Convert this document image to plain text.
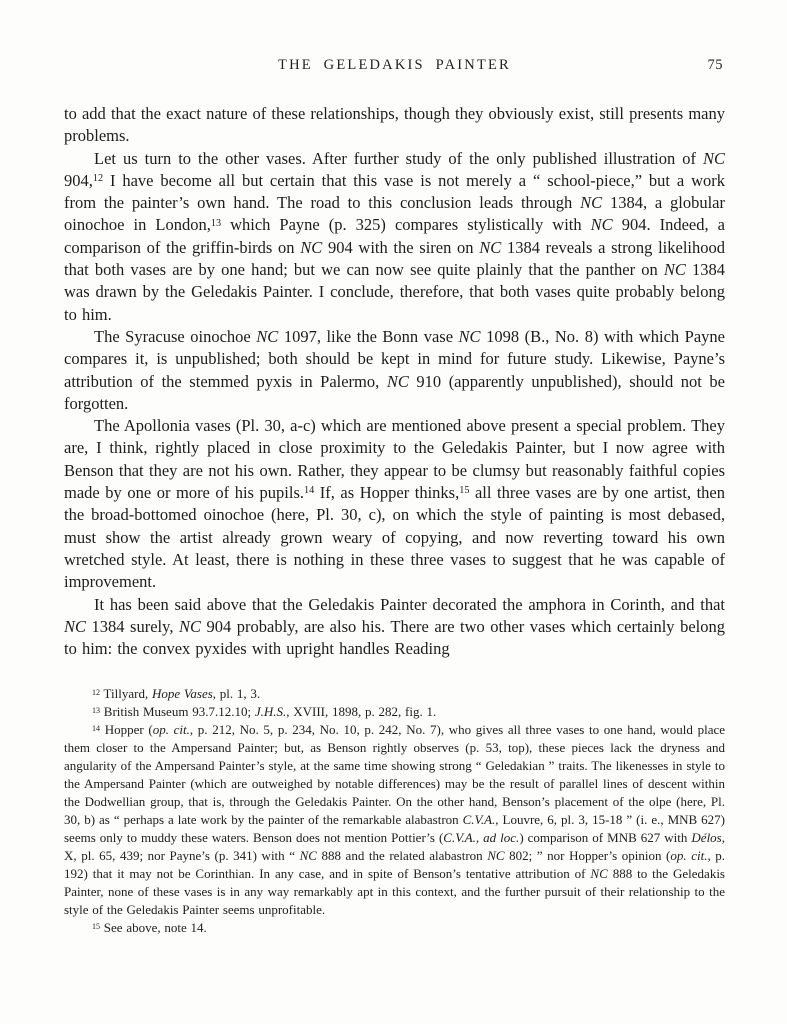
THE GELEDAKIS PAINTER	75

to add that the exact nature of these relationships, though they obviously exist, still presents many problems.

Let us turn to the other vases. After further study of the only published illustration of NC 904,12 I have become all but certain that this vase is not merely a “ school-piece,” but a work from the painter’s own hand. The road to this conclusion leads through NC 1384, a globular oinochoe in London,$^{13}$ which Payne (p. 325) compares stylistically with NC 904. Indeed, a comparison of the griffin-birds on NC 904 with the siren on NC 1384 reveals a strong likelihood that both vases are by one hand; but we can now see quite plainly that the panther on NC 1384 was drawn by the Geledakis Painter. I conclude, therefore, that both vases quite probably belong to him.

The Syracuse oinochoe NC 1097, like the Bonn vase NC 1098 (B., No. 8) with which Payne compares it, is unpublished; both should be kept in mind for future study. Likewise, Payne’s attribution of the stemmed pyxis in Palermo, NC 910 (apparently unpublished), should not be forgotten.

The Apollonia vases (Pl. 30, a-c) which are mentioned above present a special problem. They are, I think, rightly placed in close proximity to the Geledakis Painter, but I now agree with Benson that they are not his own. Rather, they appear to be clumsy but reasonably faithful copies made by one or more of his pupils.$^{14}$ If, as Hopper thinks,$^{15}$ all three vases are by one artist, then the broad-bottomed oinochoe (here, Pl. 30, c), on which the style of painting is most debased, must show the artist already grown weary of copying, and now reverting toward his own wretched style. At least, there is nothing in these three vases to suggest that he was capable of improvement.

It has been said above that the Geledakis Painter decorated the amphora in Corinth, and that NC 1384 surely, NC 904 probably, are also his. There are two other vases which certainly belong to him: the convex pyxides with upright handles Reading

$^{12}$ Tillyard, Hope Vases, pl. 1, 3.

$^{13}$ British Museum 93.7.12.10; J.H.S., XVIII, 1898, p. 282, fig. 1.

$^{14}$ Hopper (op. cit., p. 212, No. 5, p. 234, No. 10, p. 242, No. 7), who gives all three vases to one hand, would place them closer to the Ampersand Painter; but, as Benson rightly observes (p. 53, top), these pieces lack the dryness and angularity of the Ampersand Painter’s style, at the same time showing strong “ Geledakian ” traits. The likenesses in style to the Ampersand Painter (which are outweighed by notable differences) may be the result of parallel lines of descent within the Dodwellian group, that is, through the Geledakis Painter. On the other hand, Benson’s placement of the olpe (here, Pl. 30, b) as “ perhaps a late work by the painter of the remarkable alabastron C.V.A., Louvre, 6, pl. 3, 15-18 ” (i. e., MNB 627) seems only to muddy these waters. Benson does not mention Pottier’s (C.V.A., ad loc.) comparison of MNB 627 with Délos, X, pl. 65, 439; nor Payne’s (p. 341) with “ NC 888 and the related alabastron NC 802; ” nor Hopper’s opinion (op. cit., p. 192) that it may not be Corinthian. In any case, and in spite of Benson’s tentative attribution of NC 888 to the Geledakis Painter, none of these vases is in any way remarkably apt in this context, and the further pursuit of their relationship to the style of the Geledakis Painter seems unprofitable.

$^{15}$ See above, note 14.
